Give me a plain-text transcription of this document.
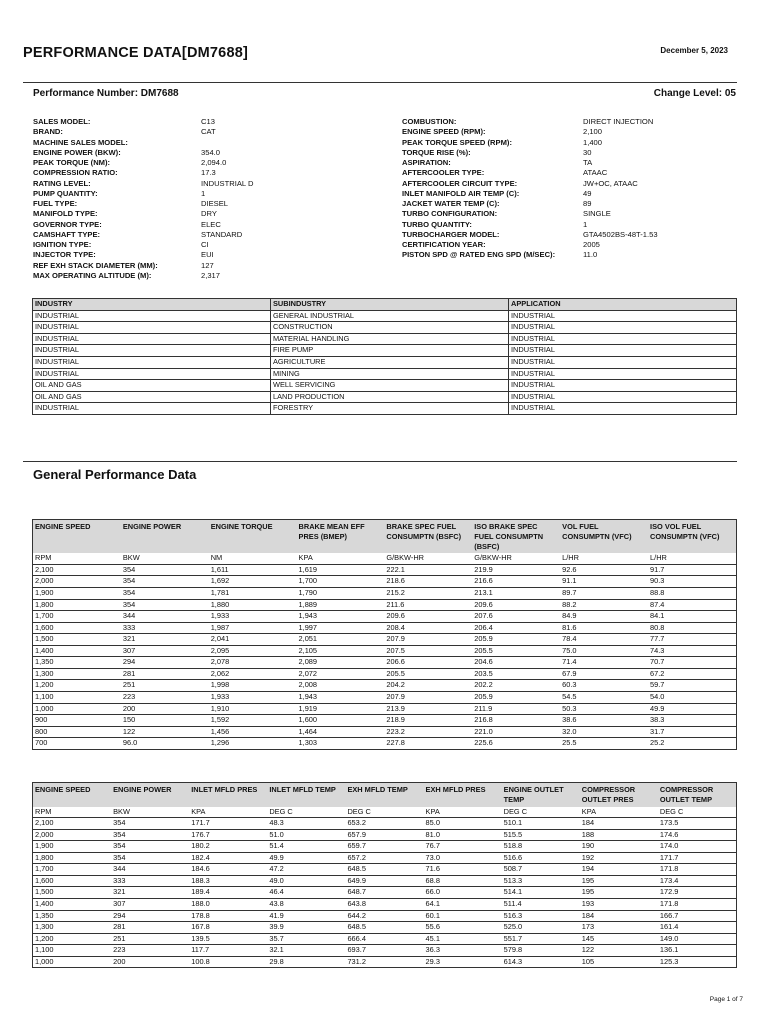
PERFORMANCE DATA[DM7688]	December 5, 2023
Performance Number: DM7688	Change Level: 05
SALES MODEL:	C13
BRAND:	CAT
MACHINE SALES MODEL:
ENGINE POWER (BKW):	354.0
PEAK TORQUE (NM):	2,094.0
COMPRESSION RATIO:	17.3
RATING LEVEL:	INDUSTRIAL D
PUMP QUANTITY:	1
FUEL TYPE:	DIESEL
MANIFOLD TYPE:	DRY
GOVERNOR TYPE:	ELEC
CAMSHAFT TYPE:	STANDARD
IGNITION TYPE:	CI
INJECTOR TYPE:	EUI
REF EXH STACK DIAMETER (MM):	127
MAX OPERATING ALTITUDE (M):	2,317
COMBUSTION:	DIRECT INJECTION
ENGINE SPEED (RPM):	2,100
PEAK TORQUE SPEED (RPM):	1,400
TORQUE RISE (%):	30
ASPIRATION:	TA
AFTERCOOLER TYPE:	ATAAC
AFTERCOOLER CIRCUIT TYPE:	JW+OC, ATAAC
INLET MANIFOLD AIR TEMP (C):	49
JACKET WATER TEMP (C):	89
TURBO CONFIGURATION:	SINGLE
TURBO QUANTITY:	1
TURBOCHARGER MODEL:	GTA4502BS-48T-1.53
CERTIFICATION YEAR:	2005
PISTON SPD @ RATED ENG SPD (M/SEC):	11.0
INDUSTRY	SUBINDUSTRY	APPLICATION
INDUSTRIAL	GENERAL INDUSTRIAL	INDUSTRIAL
INDUSTRIAL	CONSTRUCTION	INDUSTRIAL
INDUSTRIAL	MATERIAL HANDLING	INDUSTRIAL
INDUSTRIAL	FIRE PUMP	INDUSTRIAL
INDUSTRIAL	AGRICULTURE	INDUSTRIAL
INDUSTRIAL	MINING	INDUSTRIAL
OIL AND GAS	WELL SERVICING	INDUSTRIAL
OIL AND GAS	LAND PRODUCTION	INDUSTRIAL
INDUSTRIAL	FORESTRY	INDUSTRIAL
General Performance Data
ENGINE SPEED	ENGINE POWER	ENGINE TORQUE	BRAKE MEAN EFF PRES (BMEP)	BRAKE SPEC FUEL CONSUMPTN (BSFC)	ISO BRAKE SPEC FUEL CONSUMPTN (BSFC)	VOL FUEL CONSUMPTN (VFC)	ISO VOL FUEL CONSUMPTN (VFC)
RPM	BKW	NM	KPA	G/BKW-HR	G/BKW-HR	L/HR	L/HR
2,100	354	1,611	1,619	222.1	219.9	92.6	91.7
2,000	354	1,692	1,700	218.6	216.6	91.1	90.3
1,900	354	1,781	1,790	215.2	213.1	89.7	88.8
1,800	354	1,880	1,889	211.6	209.6	88.2	87.4
1,700	344	1,933	1,943	209.6	207.6	84.9	84.1
1,600	333	1,987	1,997	208.4	206.4	81.6	80.8
1,500	321	2,041	2,051	207.9	205.9	78.4	77.7
1,400	307	2,095	2,105	207.5	205.5	75.0	74.3
1,350	294	2,078	2,089	206.6	204.6	71.4	70.7
1,300	281	2,062	2,072	205.5	203.5	67.9	67.2
1,200	251	1,998	2,008	204.2	202.2	60.3	59.7
1,100	223	1,933	1,943	207.9	205.9	54.5	54.0
1,000	200	1,910	1,919	213.9	211.9	50.3	49.9
900	150	1,592	1,600	218.9	216.8	38.6	38.3
800	122	1,456	1,464	223.2	221.0	32.0	31.7
700	96.0	1,296	1,303	227.8	225.6	25.5	25.2
ENGINE SPEED	ENGINE POWER	INLET MFLD PRES	INLET MFLD TEMP	EXH MFLD TEMP	EXH MFLD PRES	ENGINE OUTLET TEMP	COMPRESSOR OUTLET PRES	COMPRESSOR OUTLET TEMP
RPM	BKW	KPA	DEG C	DEG C	KPA	DEG C	KPA	DEG C
2,100	354	171.7	48.3	653.2	85.0	510.1	184	173.5
2,000	354	176.7	51.0	657.9	81.0	515.5	188	174.6
1,900	354	180.2	51.4	659.7	76.7	518.8	190	174.0
1,800	354	182.4	49.9	657.2	73.0	516.6	192	171.7
1,700	344	184.6	47.2	648.5	71.6	508.7	194	171.8
1,600	333	188.3	49.0	649.9	68.8	513.3	195	173.4
1,500	321	189.4	46.4	648.7	66.0	514.1	195	172.9
1,400	307	188.0	43.8	643.8	64.1	511.4	193	171.8
1,350	294	178.8	41.9	644.2	60.1	516.3	184	166.7
1,300	281	167.8	39.9	648.5	55.6	525.0	173	161.4
1,200	251	139.5	35.7	666.4	45.1	551.7	145	149.0
1,100	223	117.7	32.1	693.7	36.3	579.8	122	136.1
1,000	200	100.8	29.8	731.2	29.3	614.3	105	125.3
Page 1 of 7
